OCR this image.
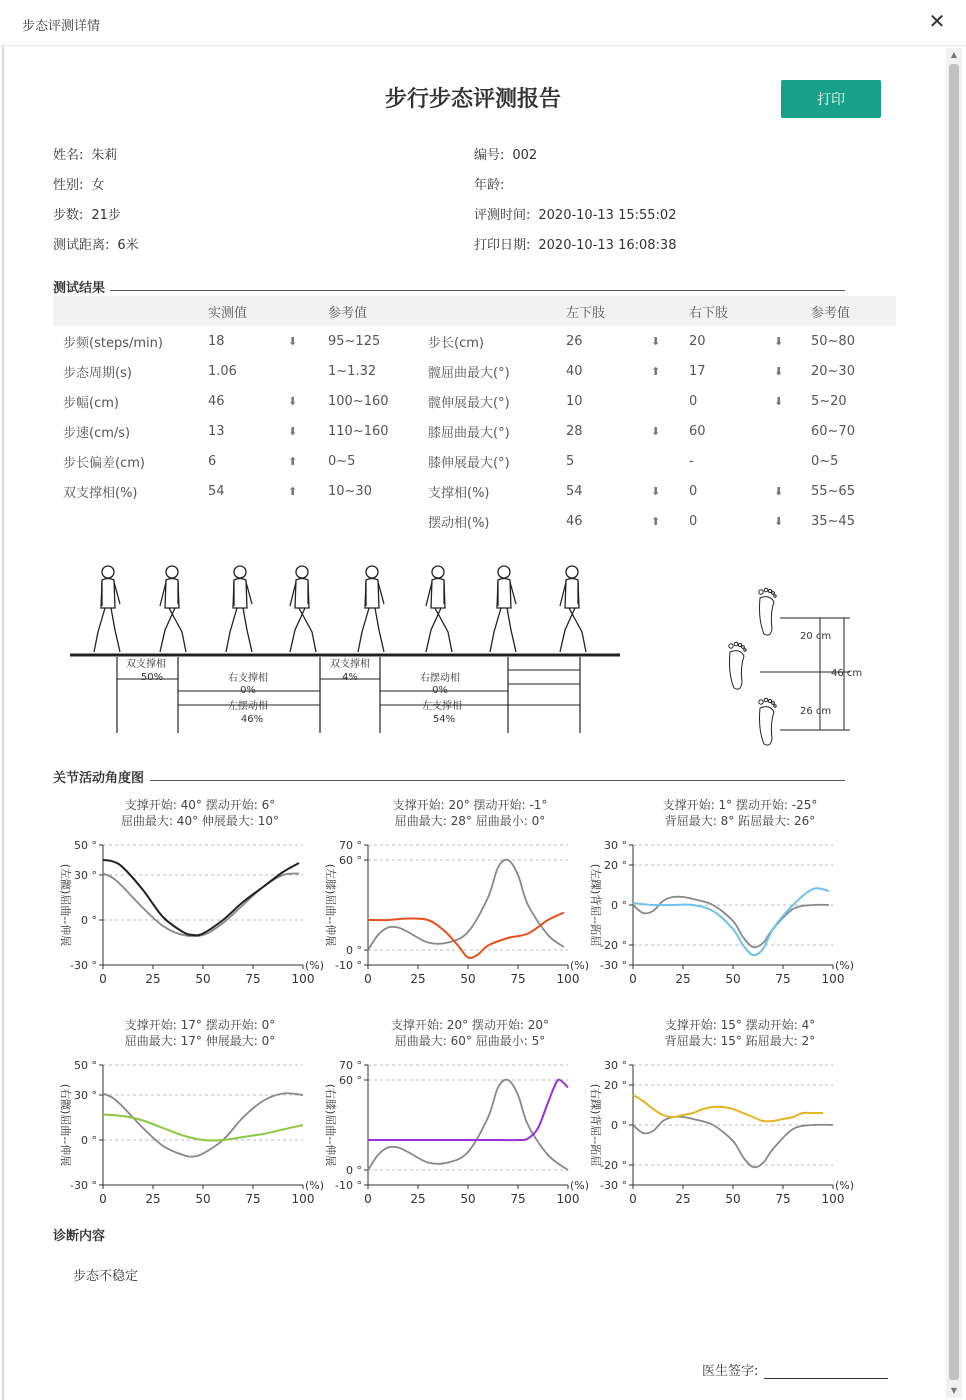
步态评测详情	✕
▲
▼
步行步态评测报告	打印
姓名: 朱莉
性别: 女
步数: 21步
测试距离: 6米
编号: 002
年龄:
评测时间: 2020-10-13 15:55:02
打印日期: 2020-10-13 16:08:38
测试结果
	实测值		参考值		左下肢		右下肢		参考值
步频(steps/min)	18	⬇	95~125	步长(cm)	26	⬇	20	⬇	50~80
步态周期(s)	1.06		1~1.32	髋屈曲最大(°)	40	⬆	17	⬇	20~30
步幅(cm)	46	⬇	100~160	髋伸展最大(°)	10		0	⬇	5~20
步速(cm/s)	13	⬇	110~160	膝屈曲最大(°)	28	⬇	60		60~70
步长偏差(cm)	6	⬆	0~5	膝伸展最大(°)	5		-		0~5
双支撑相(%)	54	⬆	10~30	支撑相(%)	54	⬇	0	⬇	55~65
				摆动相(%)	46	⬆	0	⬇	35~45
双支撑相
50%	右支撑相
0%
左摆动相
46%
双支撑相
4%	右摆动相
0%
左支撑相
54%
20 cm
46 cm
26 cm
关节活动角度图
支撑开始: 40° 摆动开始: 6°
屈曲最大: 40° 伸展最大: 10°
50 °
30 °
0 °
-30 °
0	25	50	75	100
(%)
(左髋)屈曲--伸展
支撑开始: 20° 摆动开始: -1°
屈曲最大: 28° 屈曲最小: 0°
70 °
60 °
0 °
-10 °
0	25	50	75	100
(%)
(左膝)屈曲--伸展
支撑开始: 1° 摆动开始: -25°
背屈最大: 8° 跖屈最大: 26°
30 °
20 °
0 °
-20 °
-30 °
0	25	50	75	100
(%)
(左踝)背屈--跖屈
支撑开始: 17° 摆动开始: 0°
屈曲最大: 17° 伸展最大: 0°
50 °
30 °
0 °
-30 °
0	25	50	75	100
(%)
(右髋)屈曲--伸展
支撑开始: 20° 摆动开始: 20°
屈曲最大: 60° 屈曲最小: 5°
70 °
60 °
0 °
-10 °
0	25	50	75	100
(%)
(右膝)屈曲--伸展
支撑开始: 15° 摆动开始: 4°
背屈最大: 15° 跖屈最大: 2°
30 °
20 °
0 °
-20 °
-30 °
0	25	50	75	100
(%)
(右踝)背屈--跖屈
诊断内容
步态不稳定
医生签字:
